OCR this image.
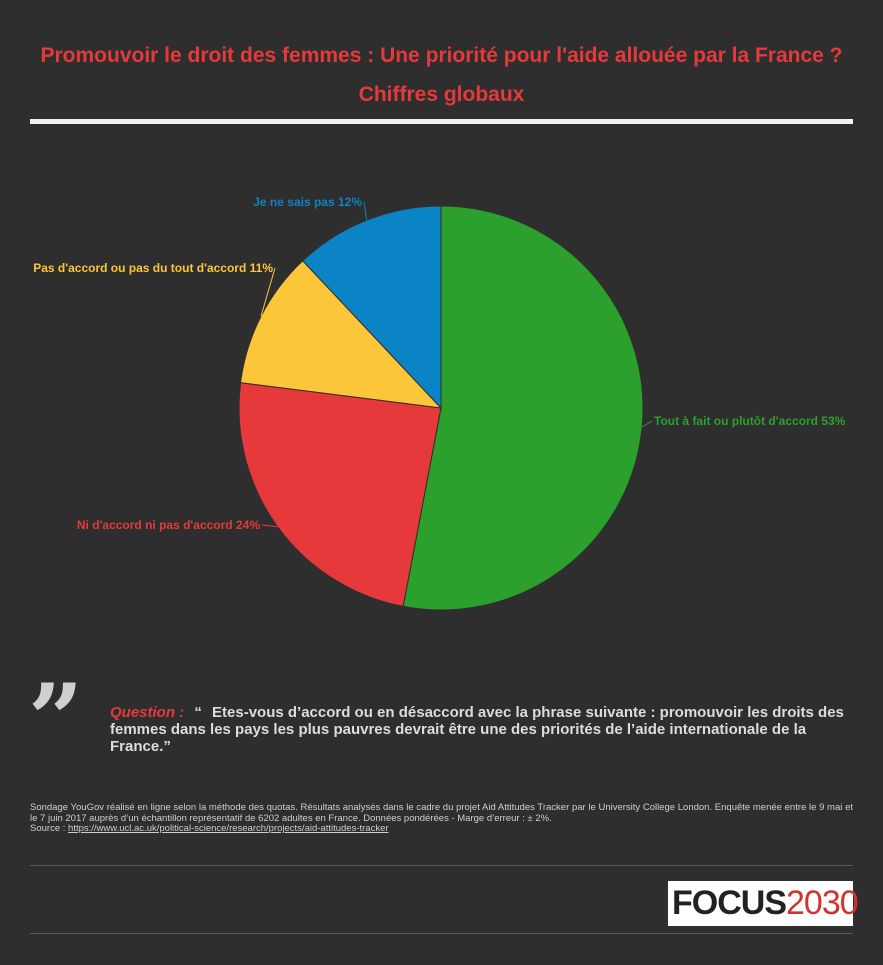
Promouvoir le droit des femmes : Une priorité pour l'aide allouée par la France ?
Chiffres globaux
Tout à fait ou plutôt d'accord 53%
Ni d'accord ni pas d'accord 24%
Pas d'accord ou pas du tout d'accord 11%
Je ne sais pas 12%
” Question : “ Etes-vous d’accord ou en désaccord avec la phrase suivante : promouvoir les droits des femmes dans les pays les plus pauvres devrait être une des priorités de l’aide internationale de la France.”
Sondage YouGov réalisé en ligne selon la méthode des quotas. Résultats analysés dans le cadre du projet Aid Attitudes Tracker par le University College London. Enquête menée entre le 9 mai et le 7 juin 2017 auprès d’un échantillon représentatif de 6202 adultes en France. Données pondérées - Marge d’erreur : ± 2%.
Source : https://www.ucl.ac.uk/political-science/research/projects/aid-attitudes-tracker
FOCUS2030
